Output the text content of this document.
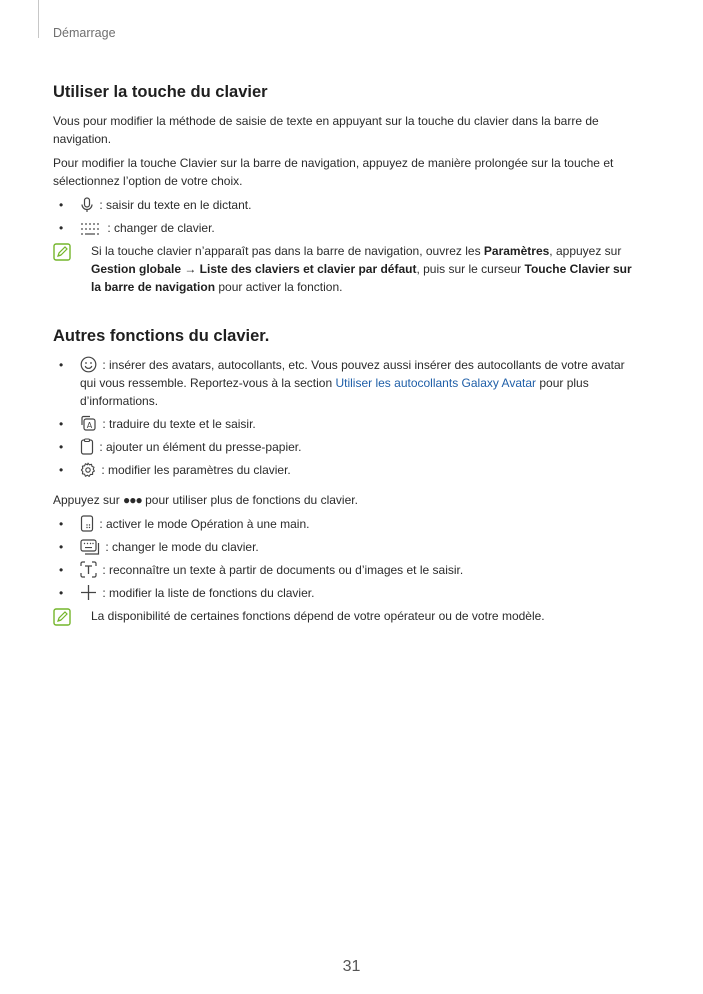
Démarrage
Utiliser la touche du clavier

Vous pour modifier la méthode de saisie de texte en appuyant sur la touche du clavier dans la barre de navigation.

Pour modifier la touche Clavier sur la barre de navigation, appuyez de manière prolongée sur la touche et sélectionnez l’option de votre choix.

•	: saisir du texte en le dictant.
•	: changer de clavier.
Si la touche clavier n’apparaît pas dans la barre de navigation, ouvrez les Paramètres, appuyez sur Gestion globale → Liste des claviers et clavier par défaut, puis sur le curseur Touche Clavier sur la barre de navigation pour activer la fonction.
Autres fonctions du clavier.
•	: insérer des avatars, autocollants, etc. Vous pouvez aussi insérer des autocollants de votre avatar qui vous ressemble. Reportez-vous à la section Utiliser les autocollants Galaxy Avatar pour plus d’informations.
•	A : traduire du texte et le saisir.
•	: ajouter un élément du presse-papier.
•	: modifier les paramètres du clavier.

Appuyez sur ●●● pour utiliser plus de fonctions du clavier.

•	: activer le mode Opération à une main.
•	: changer le mode du clavier.
•	: reconnaître un texte à partir de documents ou d’images et le saisir.
•	: modifier la liste de fonctions du clavier.
La disponibilité de certaines fonctions dépend de votre opérateur ou de votre modèle.
31
